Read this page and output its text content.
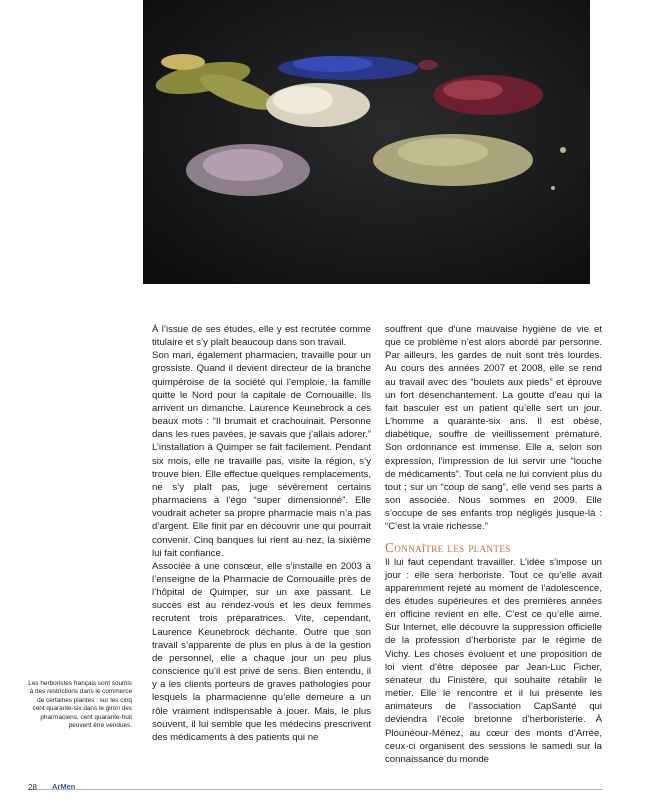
À l’issue de ses études, elle y est recrutée comme titulaire et s’y plaît beaucoup dans son travail.

Son mari, également pharmacien, travaille pour un grossiste. Quand il devient directeur de la branche quimpéroise de la société qui l’emploie, la famille quitte le Nord pour la capitale de Cornouaille. Ils arrivent un dimanche. Laurence Keunebrock a ces beaux mots : “Il brumait et crachouinait. Personne dans les rues pavées, je savais que j’allais adorer.” L’installation à Quimper se fait facilement. Pendant six mois, elle ne travaille pas, visite la région, s’y trouve bien. Elle effectue quelques remplacements, ne s’y plaît pas, juge sévèrement certains pharmaciens à l’égo “super dimensionné”. Elle voudrait acheter sa propre pharmacie mais n’a pas d’argent. Elle finit par en découvrir une qui pourrait convenir. Cinq banques lui rient au nez, la sixième lui fait confiance.

Associée à une consœur, elle s’installe en 2003 à l’enseigne de la Pharmacie de Cornouaille près de l’hôpital de Quimper, sur un axe passant. Le succès est au rendez-vous et les deux femmes recrutent trois préparatrices. Vite, cependant, Laurence Keunebrock déchante. Outre que son travail s’apparente de plus en plus à de la gestion de personnel, elle a chaque jour un peu plus conscience qu’il est privé de sens. Bien entendu, il y a les clients porteurs de graves pathologies pour lesquels la pharmacienne qu’elle demeure a un rôle vraiment indispensable à jouer. Mais, le plus souvent, il lui semble que les médecins prescrivent des médicaments à des patients qui ne

souffrent que d’une mauvaise hygiène de vie et que ce problème n’est alors abordé par personne. Par ailleurs, les gardes de nuit sont très lourdes. Au cours des années 2007 et 2008, elle se rend au travail avec des “boulets aux pieds” et éprouve un fort désenchantement. La goutte d’eau qui la fait basculer est un patient qu’elle sert un jour. L’homme a quarante-six ans. Il est obèse, diabétique, souffre de vieillissement prématuré. Son ordonnance est immense. Elle a, selon son expression, l’impression de lui servir une “louche de médicaments”. Tout cela ne lui convient plus du tout ; sur un “coup de sang”, elle vend ses parts à son associée. Nous sommes en 2009. Elle s’occupe de ses enfants trop négligés jusque-là : “C’est la vraie richesse.”

Connaître les plantes

Il lui faut cependant travailler. L’idée s’impose un jour : elle sera herboriste. Tout ce qu’elle avait apparemment rejeté au moment de l’adolescence, des études supérieures et des premières années en officine revient en elle. C’est ce qu’elle aime. Sur Internet, elle découvre la suppression officielle de la profession d’herboriste par le régime de Vichy. Les choses évoluent et une proposition de loi vient d’être déposée par Jean-Luc Ficher, sénateur du Finistère, qui souhaite rétablir le métier. Elle le rencontre et il lui présente les animateurs de l’association CapSanté qui deviendra l’école bretonne d’herboristerie. À Plounéour-Ménez, au cœur des monts d’Arrée, ceux-ci organisent des sessions le samedi sur la connaissance du monde

Les herboristes français sont soumis à des restrictions dans le commerce de certaines plantes : sur les cinq cent quarante-six dans le giron des pharmaciens, cent quarante-huit peuvent être vendues.
28 ArMen
